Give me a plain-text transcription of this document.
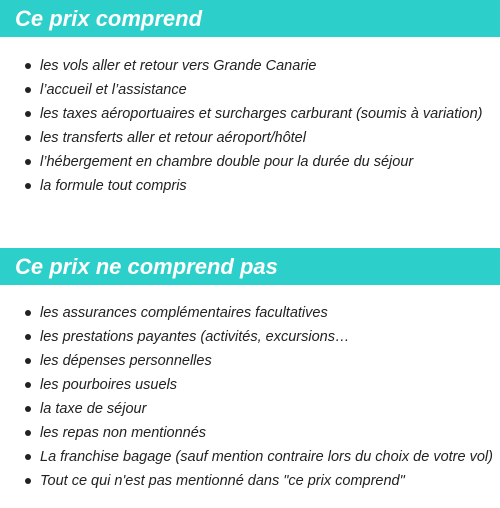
Ce prix comprend
les vols aller et retour vers Grande Canarie
l’accueil et l’assistance
les taxes aéroportuaires et surcharges carburant (soumis à variation)
les transferts aller et retour aéroport/hôtel
l’hébergement en chambre double pour la durée du séjour
la formule tout compris
Ce prix ne comprend pas
les assurances complémentaires facultatives
les prestations payantes (activités, excursions…
les dépenses personnelles
les pourboires usuels
la taxe de séjour
les repas non mentionnés
La franchise bagage (sauf mention contraire lors du choix de votre vol)
Tout ce qui n'est pas mentionné dans "ce prix comprend"
